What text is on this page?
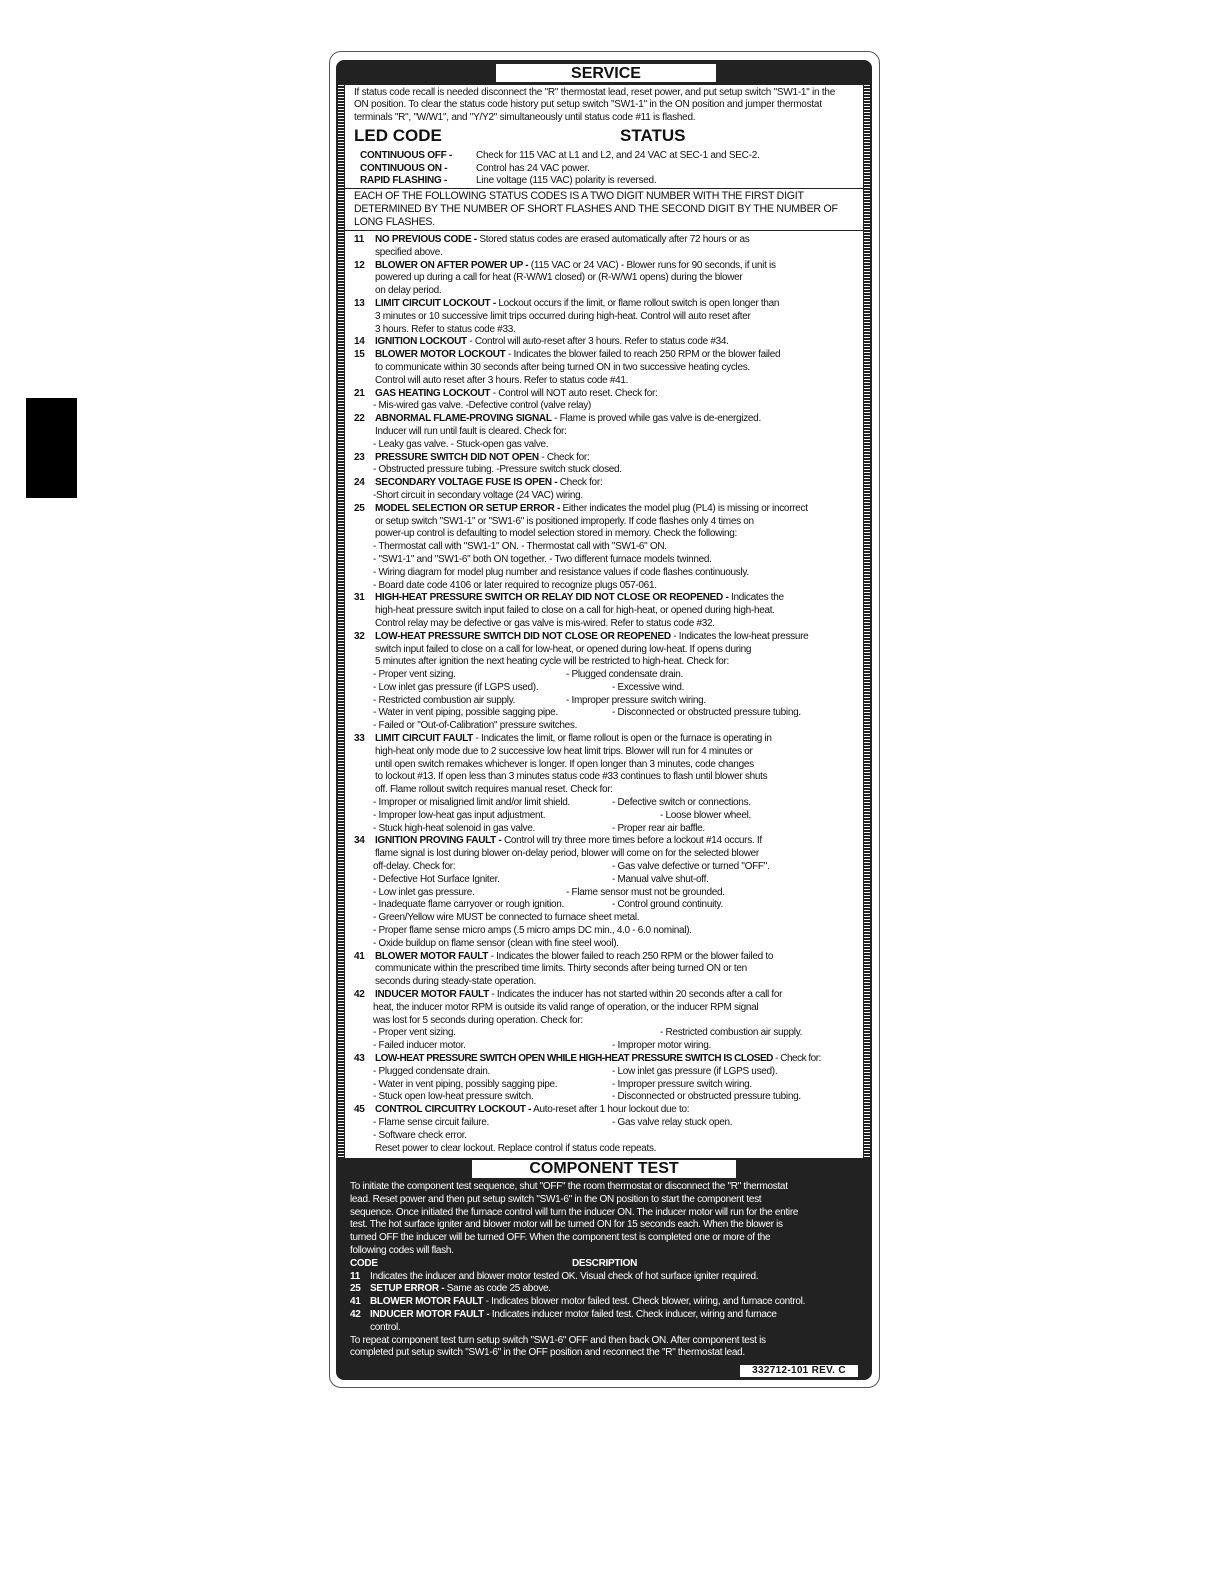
SERVICE

If status code recall is needed disconnect the "R" thermostat lead, reset power, and put setup switch "SW1-1" in the ON position. To clear the status code history put setup switch "SW1-1" in the ON position and jumper thermostat terminals "R", "W/W1", and "Y/Y2" simultaneously until status code #11 is flashed.

LED CODE	STATUS
CONTINUOUS OFF - Check for 115 VAC at L1 and L2, and 24 VAC at SEC-1 and SEC-2.
CONTINUOUS ON -	Control has 24 VAC power.
RAPID FLASHING -	Line voltage (115 VAC) polarity is reversed.

EACH OF THE FOLLOWING STATUS CODES IS A TWO DIGIT NUMBER WITH THE FIRST DIGIT DETERMINED BY THE NUMBER OF SHORT FLASHES AND THE SECOND DIGIT BY THE NUMBER OF LONG FLASHES.

11 NO PREVIOUS CODE - Stored status codes are erased automatically after 72 hours or as
specified above.
12 BLOWER ON AFTER POWER UP - (115 VAC or 24 VAC) - Blower runs for 90 seconds, if unit is
powered up during a call for heat (R-W/W1 closed) or (R-W/W1 opens) during the blower
on delay period.
13 LIMIT CIRCUIT LOCKOUT - Lockout occurs if the limit, or flame rollout switch is open longer than
3 minutes or 10 successive limit trips occurred during high-heat. Control will auto reset after
3 hours. Refer to status code #33.
14 IGNITION LOCKOUT - Control will auto-reset after 3 hours. Refer to status code #34.
15 BLOWER MOTOR LOCKOUT - Indicates the blower failed to reach 250 RPM or the blower failed
to communicate within 30 seconds after being turned ON in two successive heating cycles.
Control will auto reset after 3 hours. Refer to status code #41.
21 GAS HEATING LOCKOUT - Control will NOT auto reset. Check for:
- Mis-wired gas valve. -Defective control (valve relay)
22 ABNORMAL FLAME-PROVING SIGNAL - Flame is proved while gas valve is de-energized.
Inducer will run until fault is cleared. Check for:
- Leaky gas valve. - Stuck-open gas valve.
23 PRESSURE SWITCH DID NOT OPEN - Check for:
- Obstructed pressure tubing. -Pressure switch stuck closed.
24 SECONDARY VOLTAGE FUSE IS OPEN - Check for:
-Short circuit in secondary voltage (24 VAC) wiring.
25 MODEL SELECTION OR SETUP ERROR - Either indicates the model plug (PL4) is missing or incorrect
or setup switch "SW1-1" or "SW1-6" is positioned improperly. If code flashes only 4 times on
power-up control is defaulting to model selection stored in memory. Check the following:
- Thermostat call with "SW1-1" ON. - Thermostat call with "SW1-6" ON.
- "SW1-1" and "SW1-6" both ON together. - Two different furnace models twinned.
- Wiring diagram for model plug number and resistance values if code flashes continuously.
- Board date code 4106 or later required to recognize plugs 057-061.
31 HIGH-HEAT PRESSURE SWITCH OR RELAY DID NOT CLOSE OR REOPENED - Indicates the
high-heat pressure switch input failed to close on a call for high-heat, or opened during high-heat.
Control relay may be defective or gas valve is mis-wired. Refer to status code #32.
32 LOW-HEAT PRESSURE SWITCH DID NOT CLOSE OR REOPENED - Indicates the low-heat pressure
switch input failed to close on a call for low-heat, or opened during low-heat. If opens during
5 minutes after ignition the next heating cycle will be restricted to high-heat. Check for:
- Proper vent sizing.	- Plugged condensate drain.
- Low inlet gas pressure (if LGPS used).	- Excessive wind.
- Restricted combustion air supply.	- Improper pressure switch wiring.
- Water in vent piping, possible sagging pipe.	- Disconnected or obstructed pressure tubing.
- Failed or "Out-of-Calibration" pressure switches.
33 LIMIT CIRCUIT FAULT - Indicates the limit, or flame rollout is open or the furnace is operating in
high-heat only mode due to 2 successive low heat limit trips. Blower will run for 4 minutes or
until open switch remakes whichever is longer. If open longer than 3 minutes, code changes
to lockout #13. If open less than 3 minutes status code #33 continues to flash until blower shuts
off. Flame rollout switch requires manual reset. Check for:
- Improper or misaligned limit and/or limit shield.	- Defective switch or connections.
- Improper low-heat gas input adjustment.	- Loose blower wheel.
- Stuck high-heat solenoid in gas valve.	- Proper rear air baffle.
34 IGNITION PROVING FAULT - Control will try three more times before a lockout #14 occurs. If
flame signal is lost during blower on-delay period, blower will come on for the selected blower
off-delay. Check for:	- Gas valve defective or turned "OFF".
- Defective Hot Surface Igniter.	- Manual valve shut-off.
- Low inlet gas pressure.	- Flame sensor must not be grounded.
- Inadequate flame carryover or rough ignition.	- Control ground continuity.
- Green/Yellow wire MUST be connected to furnace sheet metal.
- Proper flame sense micro amps (.5 micro amps DC min., 4.0 - 6.0 nominal).
- Oxide buildup on flame sensor (clean with fine steel wool).
41 BLOWER MOTOR FAULT - Indicates the blower failed to reach 250 RPM or the blower failed to
communicate within the prescribed time limits. Thirty seconds after being turned ON or ten
seconds during steady-state operation.
42 INDUCER MOTOR FAULT - Indicates the inducer has not started within 20 seconds after a call for
heat, the inducer motor RPM is outside its valid range of operation, or the inducer RPM signal
was lost for 5 seconds during operation. Check for:
- Proper vent sizing.	- Restricted combustion air supply.
- Failed inducer motor.	- Improper motor wiring.
43 LOW-HEAT PRESSURE SWITCH OPEN WHILE HIGH-HEAT PRESSURE SWITCH IS CLOSED - Check for:
- Plugged condensate drain.	- Low inlet gas pressure (if LGPS used).
- Water in vent piping, possibly sagging pipe.	- Improper pressure switch wiring.
- Stuck open low-heat pressure switch.	- Disconnected or obstructed pressure tubing.
45 CONTROL CIRCUITRY LOCKOUT - Auto-reset after 1 hour lockout due to:
- Flame sense circuit failure.	- Gas valve relay stuck open.
- Software check error.
Reset power to clear lockout. Replace control if status code repeats.
COMPONENT TEST
To initiate the component test sequence, shut "OFF" the room thermostat or disconnect the "R" thermostat
lead. Reset power and then put setup switch "SW1-6" in the ON position to start the component test
sequence. Once initiated the furnace control will turn the inducer ON. The inducer motor will run for the entire
test. The hot surface igniter and blower motor will be turned ON for 15 seconds each. When the blower is
turned OFF the inducer will be turned OFF. When the component test is completed one or more of the
following codes will flash.
CODE	DESCRIPTION
11 Indicates the inducer and blower motor tested OK. Visual check of hot surface igniter required.
25 SETUP ERROR - Same as code 25 above.
41 BLOWER MOTOR FAULT - Indicates blower motor failed test. Check blower, wiring, and furnace control.
42 INDUCER MOTOR FAULT - Indicates inducer motor failed test. Check inducer, wiring and furnace
control.
To repeat component test turn setup switch "SW1-6" OFF and then back ON. After component test is
completed put setup switch "SW1-6" in the OFF position and reconnect the "R" thermostat lead.
332712-101 REV. C
